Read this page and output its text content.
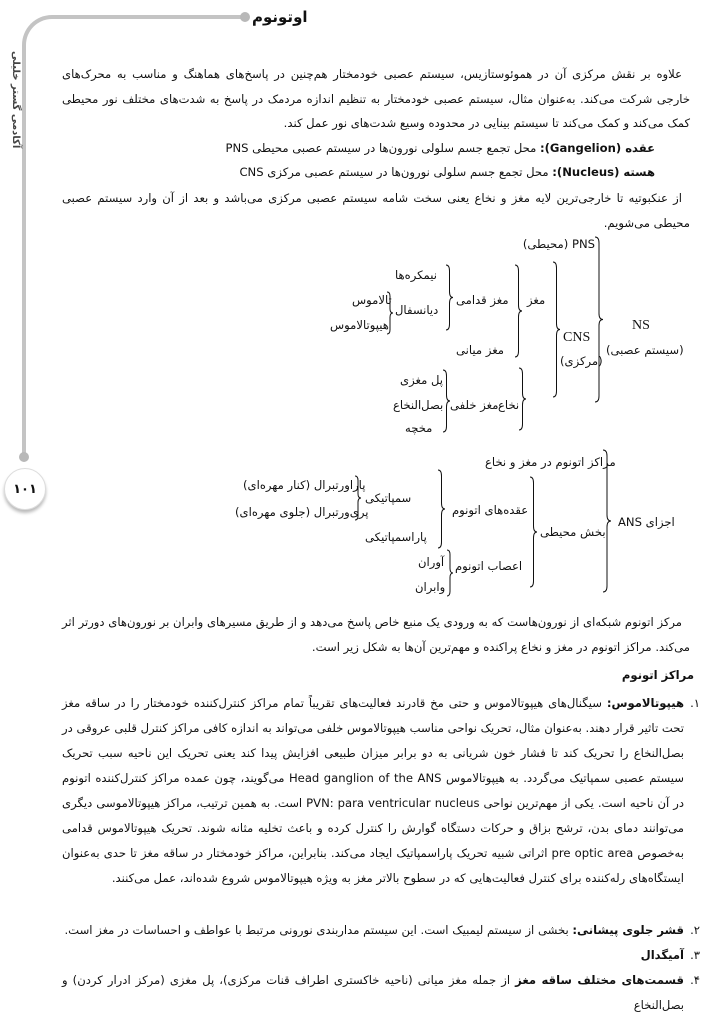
آکادمی گستر خلیلی
۱۰۱
اوتونوم

علاوه بر نقش مرکزی آن در هموئوستازیس، سیستم عصبی خودمختار هم‌چنین در پاسخ‌های هماهنگ و مناسب به محرک‌های خارجی شرکت می‌کند. به‌عنوان مثال، سیستم عصبی خودمختار به تنظیم اندازه مردمک در پاسخ به شدت‌های مختلف نور محیطی کمک می‌کند و کمک می‌کند تا سیستم بینایی در محدوده وسیع شدت‌های نور عمل کند.

عقده (Gangelion): محل تجمع جسم سلولی نورون‌ها در سیستم عصبی محیطی PNS
هسته (Nucleus): محل تجمع جسم سلولی نورون‌ها در سیستم عصبی مرکزی CNS

از عنکبوتیه تا خارجی‌ترین لایه مغز و نخاع یعنی سخت شامه سیستم عصبی مرکزی می‌باشد و بعد از آن وارد سیستم عصبی محیطی می‌شویم.

NS
(سیستم عصبی)
PNS (محیطی)
CNS
(مرکزی)
مغز
نخاع
مغز قدامی
مغز میانی
مغز خلفی
نیمکره‌ها
دیانسفال
تالاموس
هیپوتالاموس
پل مغزی
بصل‌النخاع
مخچه
اجزای ANS
مراکز اتونوم در مغز و نخاع
بخش محیطی
عقده‌های اتونوم
سمپاتیکی
پاراورتبرال (کنار مهره‌ای)
پری‌ورتبرال (جلوی مهره‌ای)
پاراسمپاتیکی
اعصاب اتونوم
آوران
وابران

مرکز اتونوم شبکه‌ای از نورون‌هاست که به ورودی یک منبع خاص پاسخ می‌دهد و از طریق مسیرهای وابران بر نورون‌های دورتر اثر می‌کند. مراکز اتونوم در مغز و نخاع پراکنده و مهم‌ترین آن‌ها به شکل زیر است.

مراکز اتونوم
۱.
هیپوتالاموس: سیگنال‌های هیپوتالاموس و حتی مخ قادرند فعالیت‌های تقریباً تمام مراکز کنترل‌کننده خودمختار را در ساقه مغز تحت تاثیر قرار دهند. به‌عنوان مثال، تحریک نواحی مناسب هیپوتالاموس خلفی می‌تواند به اندازه کافی مراکز کنترل قلبی عروقی در بصل‌النخاع را تحریک کند تا فشار خون شریانی به دو برابر میزان طبیعی افزایش پیدا کند یعنی تحریک این ناحیه سبب تحریک سیستم عصبی سمپاتیک می‌گردد. به هیپوتالاموس Head ganglion of the ANS می‌گویند، چون عمده مراکز کنترل‌کننده اتونوم در آن ناحیه است. یکی از مهم‌ترین نواحی PVN: para ventricular nucleus است. به همین ترتیب، مراکز هیپوتالاموسی دیگری می‌توانند دمای بدن، ترشح بزاق و حرکات دستگاه گوارش را کنترل کرده و باعث تخلیه مثانه شوند. تحریک هیپوتالاموس قدامی به‌خصوص pre optic area اثراتی شبیه تحریک پاراسمپاتیک ایجاد می‌کند. بنابراین، مراکز خودمختار در ساقه مغز تا حدی به‌عنوان ایستگاه‌های رله‌کننده برای کنترل فعالیت‌هایی که در سطوح بالاتر مغز به ویژه هیپوتالاموس شروع شده‌اند، عمل می‌کنند.
۲.
قشر جلوی پیشانی: بخشی از سیستم لیمبیک است. این سیستم مداربندی نورونی مرتبط با عواطف و احساسات در مغز است.
۳.
آمیگدال
۴.
قسمت‌های مختلف ساقه مغز از جمله مغز میانی (ناحیه خاکستری اطراف قنات مرکزی)، پل مغزی (مرکز ادرار کردن) و بصل‌النخاع
